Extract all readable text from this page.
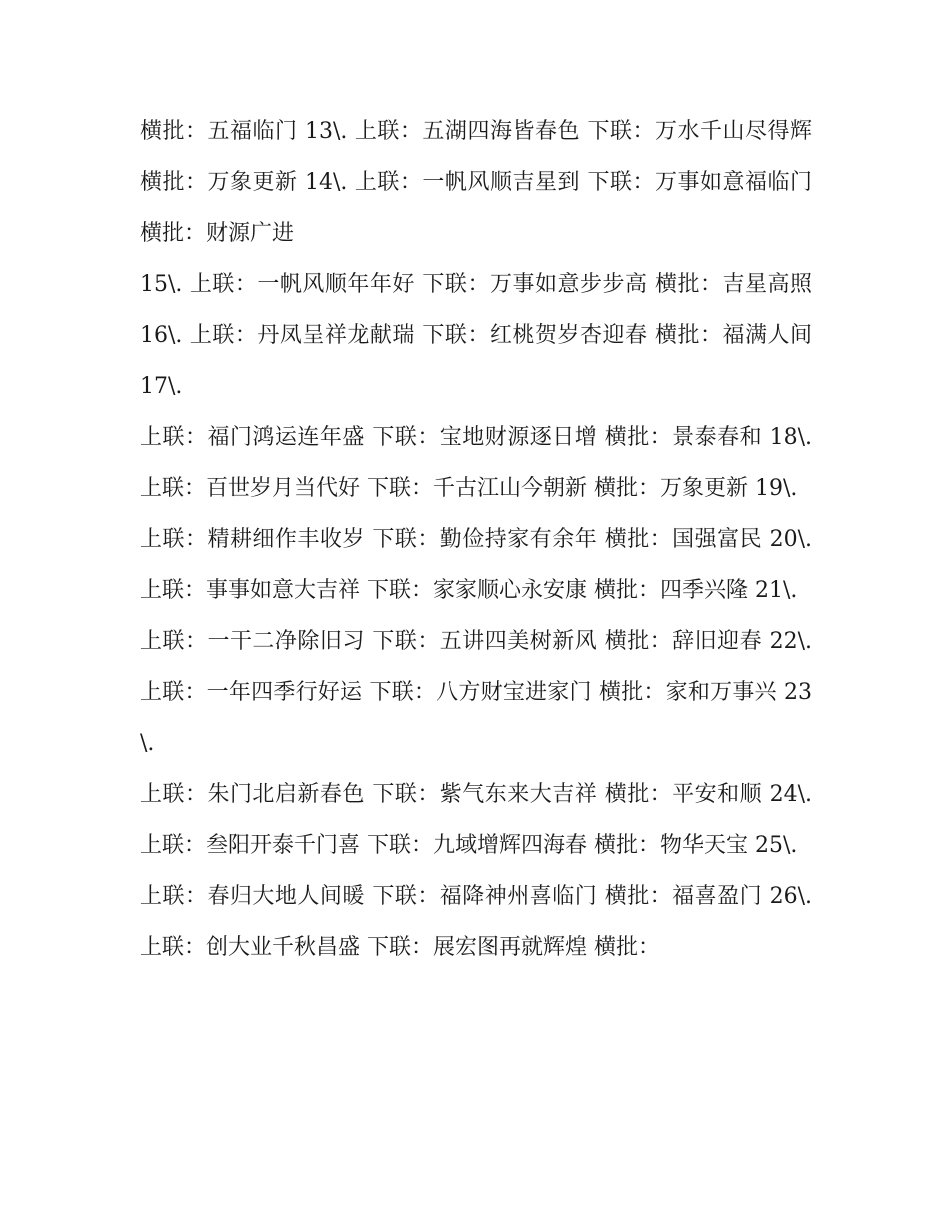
横批：五福临门 13\. 上联：五湖四海皆春色 下联：万水千山尽得辉 横批：万象更新 14\. 上联：一帆风顺吉星到 下联：万事如意福临门 横批：财源广进

15\. 上联：一帆风顺年年好 下联：万事如意步步高 横批：吉星高照 16\. 上联：丹凤呈祥龙献瑞 下联：红桃贺岁杏迎春 横批：福满人间 17\.

上联：福门鸿运连年盛 下联：宝地财源逐日增 横批：景泰春和 18\. 上联：百世岁月当代好 下联：千古江山今朝新 横批：万象更新 19\.

上联：精耕细作丰收岁 下联：勤俭持家有余年 横批：国强富民 20\. 上联：事事如意大吉祥 下联：家家顺心永安康 横批：四季兴隆 21\.

上联：一干二净除旧习 下联：五讲四美树新风 横批：辞旧迎春 22\. 上联：一年四季行好运 下联：八方财宝进家门 横批：家和万事兴 23\.

上联：朱门北启新春色 下联：紫气东来大吉祥 横批：平安和顺 24\. 上联：叁阳开泰千门喜 下联：九域增辉四海春 横批：物华天宝 25\.

上联：春归大地人间暖 下联：福降神州喜临门 横批：福喜盈门 26\. 上联：创大业千秋昌盛 下联：展宏图再就辉煌 横批：
